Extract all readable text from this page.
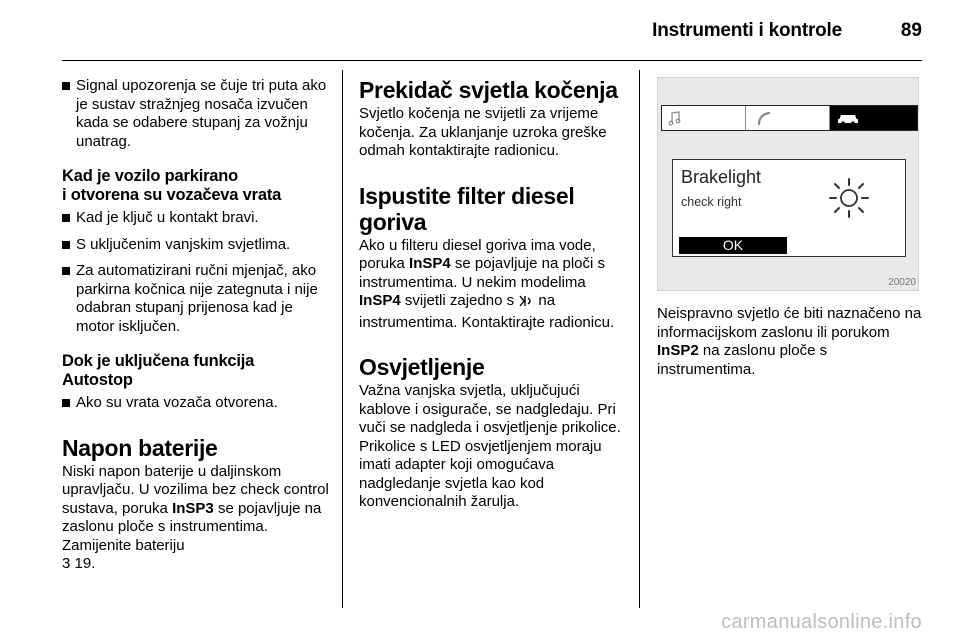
Instrumenti i kontrole	89
Signal upozorenja se čuje tri puta ako je sustav stražnjeg nosača izvučen kada se odabere stupanj za vožnju unatrag.
Kad je vozilo parkirano
i otvorena su vozačeva vrata
Kad je ključ u kontakt bravi.
S uključenim vanjskim svjetlima.
Za automatizirani ručni mjenjač, ako parkirna kočnica nije zategnuta i nije odabran stupanj prijenosa kad je motor isključen.
Dok je uključena funkcija
Autostop
Ako su vrata vozača otvorena.
Napon baterije

Niski napon baterije u daljinskom upravljaču. U vozilima bez check control sustava, poruka InSP3 se pojavljuje na zaslonu ploče s instrumentima. Zamijenite bateriju
3 19.

Prekidač svjetla kočenja

Svjetlo kočenja ne svijetli za vrijeme kočenja. Za uklanjanje uzroka greške odmah kontaktirajte radionicu.

Ispustite filter diesel goriva

Ako u filteru diesel goriva ima vode, poruka InSP4 se pojavljuje na ploči s instrumentima. U nekim modelima InSP4 svijetli zajedno s na instrumentima. Kontaktirajte radionicu.

Osvjetljenje

Važna vanjska svjetla, uključujući kablove i osigurače, se nadgledaju. Pri vuči se nadgleda i osvjetljenje prikolice. Prikolice s LED osvjetljenjem moraju imati adapter koji omogućava nadgledanje svjetla kao kod konvencionalnih žarulja.

Brakelight
check right
OK
20020

Neispravno svjetlo će biti naznačeno na informacijskom zaslonu ili porukom InSP2 na zaslonu ploče s instrumentima.

carmanualsonline.info
